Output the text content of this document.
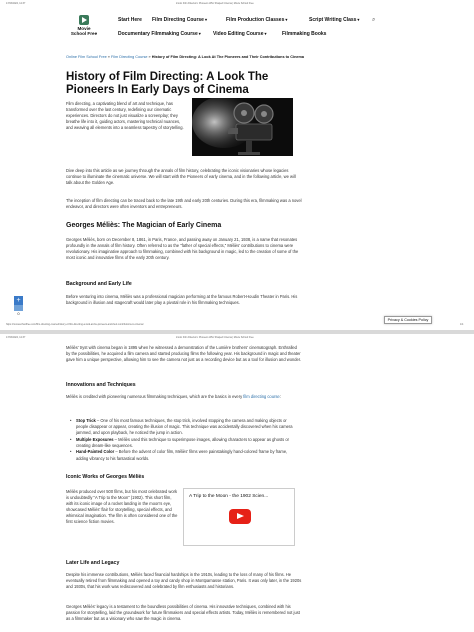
17/03/2024, 12:37	Iconic Film Directors: Pioneers Who Shaped Cinema | Movie School Free
Movie
School Free
Start Here Film Directing Course▾	Film Production Classes▾	Script Writing Class▾
Documentary Filmmaking Course▾ Video Editing Course▾	Filmmaking Books
⌕
Online Film School Free » Film Directing Course » History of Film Directing: A Look At The Pioneers and Their Contributions to Cinema
History of Film Directing: A Look The Pioneers In Early Days of Cinema
Film directing, a captivating blend of art and technique, has transformed over the last century, redefining our cinematic experiences. Directors do not just visualize a screenplay; they breathe life into it, guiding actors, mastering technical nuances, and weaving all elements into a seamless tapestry of storytelling.
Dive deep into this article as we journey through the annals of film history, celebrating the iconic visionaries whose legacies continue to illuminate the cinematic universe. We will start with the Pioneers of early cinema, and in the following article, we will talk about the Golden Age.
The inception of film directing can be traced back to the late 19th and early 20th centuries. During this era, filmmaking was a novel endeavor, and directors were often inventors and entrepreneurs.
Georges Méliès: The Magician of Early Cinema
Georges Méliès, born on December 8, 1861, in Paris, France, and passing away on January 21, 1938, is a name that resonates profoundly in the annals of film history. Often referred to as the "father of special effects," Méliès' contributions to cinema were revolutionary. His imaginative approach to filmmaking, combined with his background in magic, led to the creation of some of the most iconic and innovative films of the early 20th century.
Background and Early Life
Before venturing into cinema, Méliès was a professional magician performing at the famous Robert-Houdin Theater in Paris. His background in illusion and stagecraft would later play a pivotal role in his filmmaking techniques.
+
0
Privacy & Cookies Policy
https://movieschoolfree.com/film-directing-course/history-of-film-directing-a-look-at-the-pioneers-and-their-contributions-to-cinema/	1/4
17/03/2024, 12:37	Iconic Film Directors: Pioneers Who Shaped Cinema | Movie School Free
Méliès' tryst with cinema began in 1895 when he witnessed a demonstration of the Lumière brothers' cinematograph. Enthralled by the possibilities, he acquired a film camera and started producing films the following year. His background in magic and theater gave him a unique perspective, allowing him to see the camera not just as a recording device but as a tool for illusion and wonder.
Innovations and Techniques
Méliès is credited with pioneering numerous filmmaking techniques, which are the basics in every film directing course:
• Stop Trick – One of his most famous techniques, the stop trick, involved stopping the camera and making objects or people disappear or appear, creating the illusion of magic. This technique was accidentally discovered when his camera jammed, and upon playback, he noticed the jump in action.
• Multiple Exposures – Méliès used this technique to superimpose images, allowing characters to appear as ghosts or creating dream-like sequences.
• Hand-Painted Color – Before the advent of color film, Méliès' films were painstakingly hand-colored frame by frame, adding vibrancy to his fantastical worlds.
Iconic Works of Georges Méliès
Méliès produced over 500 films, but his most celebrated work is undoubtedly "A Trip to the Moon" (1902). This short film, with its iconic image of a rocket landing in the moon's eye, showcased Méliès' flair for storytelling, special effects, and whimsical imagination. The film is often considered one of the first science fiction movies.
A Trip to the Moon - the 1902 Scien...
Later Life and Legacy
Despite his immense contributions, Méliès faced financial hardships in the 1910s, leading to the loss of many of his films. He eventually retired from filmmaking and opened a toy and candy shop in Montparnasse station, Paris. It was only later, in the 1920s and 1930s, that his work was rediscovered and celebrated by film enthusiasts and historians.
Georges Méliès' legacy is a testament to the boundless possibilities of cinema. His innovative techniques, combined with his passion for storytelling, laid the groundwork for future filmmakers and special effects artists. Today, Méliès is remembered not just as a filmmaker but as a visionary who saw the magic in cinema.
